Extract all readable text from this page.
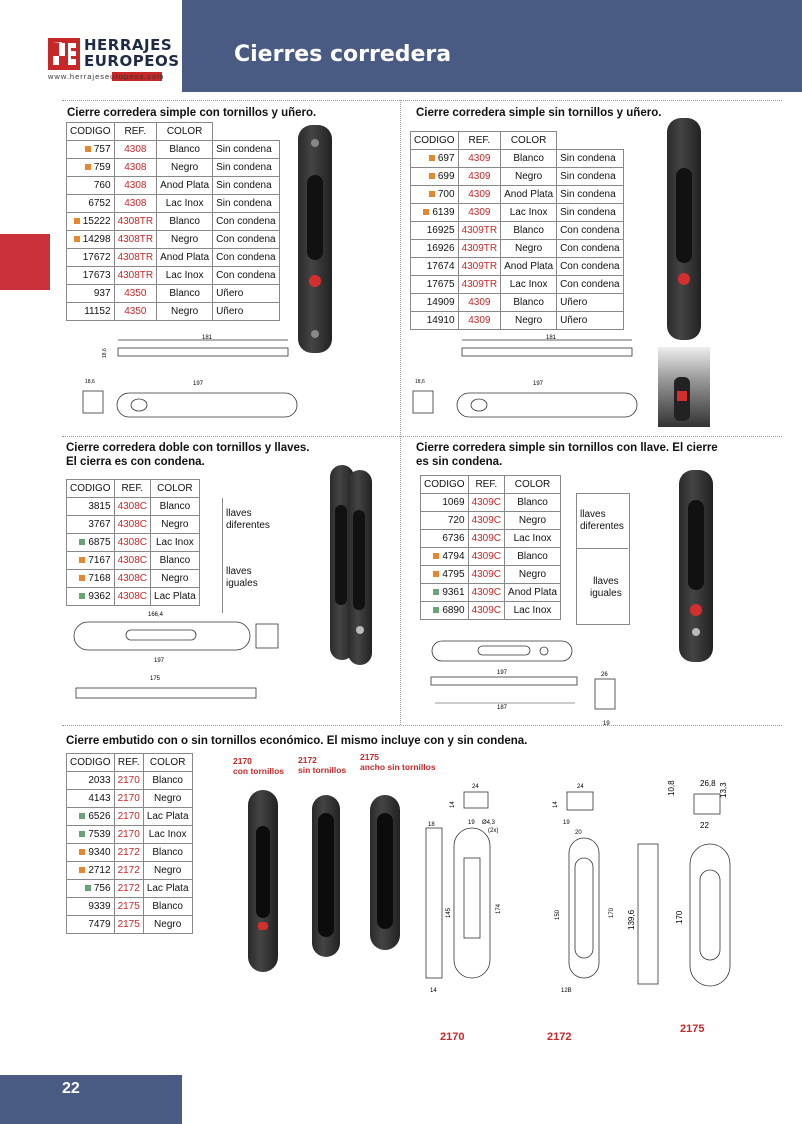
Cierres corredera
HERRAJES
EUROPEOS
www.herrajeseuropeos.com
Cierre corredera simple con tornillos y uñero.
CODIGO	REF.	COLOR	
757	4308	Blanco	Sin condena
759	4308	Negro	Sin condena
760	4308	Anod Plata	Sin condena
6752	4308	Lac Inox	Sin condena
15222	4308TR	Blanco	Con condena
14298	4308TR	Negro	Con condena
17672	4308TR	Anod Plata	Con condena
17673	4308TR	Lac Inox	Con condena
937	4350	Blanco	Uñero
11152	4350	Negro	Uñero
181
18,6
18,6	197
Cierre corredera simple sin tornillos y uñero.
CODIGO	REF.	COLOR	
697	4309	Blanco	Sin condena
699	4309	Negro	Sin condena
700	4309	Anod Plata	Sin condena
6139	4309	Lac Inox	Sin condena
16925	4309TR	Blanco	Con condena
16926	4309TR	Negro	Con condena
17674	4309TR	Anod Plata	Con condena
17675	4309TR	Lac Inox	Con condena
14909	4309	Blanco	Uñero
14910	4309	Negro	Uñero
181
18,6	197
Cierre corredera doble con tornillos y llaves.
El cierra es con condena.
CODIGO	REF.	COLOR
3815	4308C	Blanco
3767	4308C	Negro
6875	4308C	Lac Inox
7167	4308C	Blanco
7168	4308C	Negro
9362	4308C	Lac Plata
llaves
diferentes
llaves
iguales
166,4
197
175
Cierre corredera simple sin tornillos con llave. El cierre
es sin condena.
CODIGO	REF.	COLOR
1069	4309C	Blanco
720	4309C	Negro
6736	4309C	Lac Inox
4794	4309C	Blanco
4795	4309C	Negro
9361	4309C	Anod Plata
6890	4309C	Lac Inox
llaves
diferentes
llaves
iguales
197
187
26
19
Cierre embutido con o sin tornillos económico. El mismo incluye con y sin condena.
CODIGO	REF.	COLOR
2033	2170	Blanco
4143	2170	Negro
6526	2170	Lac Plata
7539	2170	Lac Inox
9340	2172	Blanco
2712	2172	Negro
756	2172	Lac Plata
9339	2175	Blanco
7479	2175	Negro
2170
con tornillos
2172
sin tornillos
2175
ancho sin tornillos
24
14
18	19 Ø4,3
(2x)
145	174
14
24
14
19
20
150	170
12B
10,8	26,8 13,3
22
139,6	170
2170	2172
2175
22
